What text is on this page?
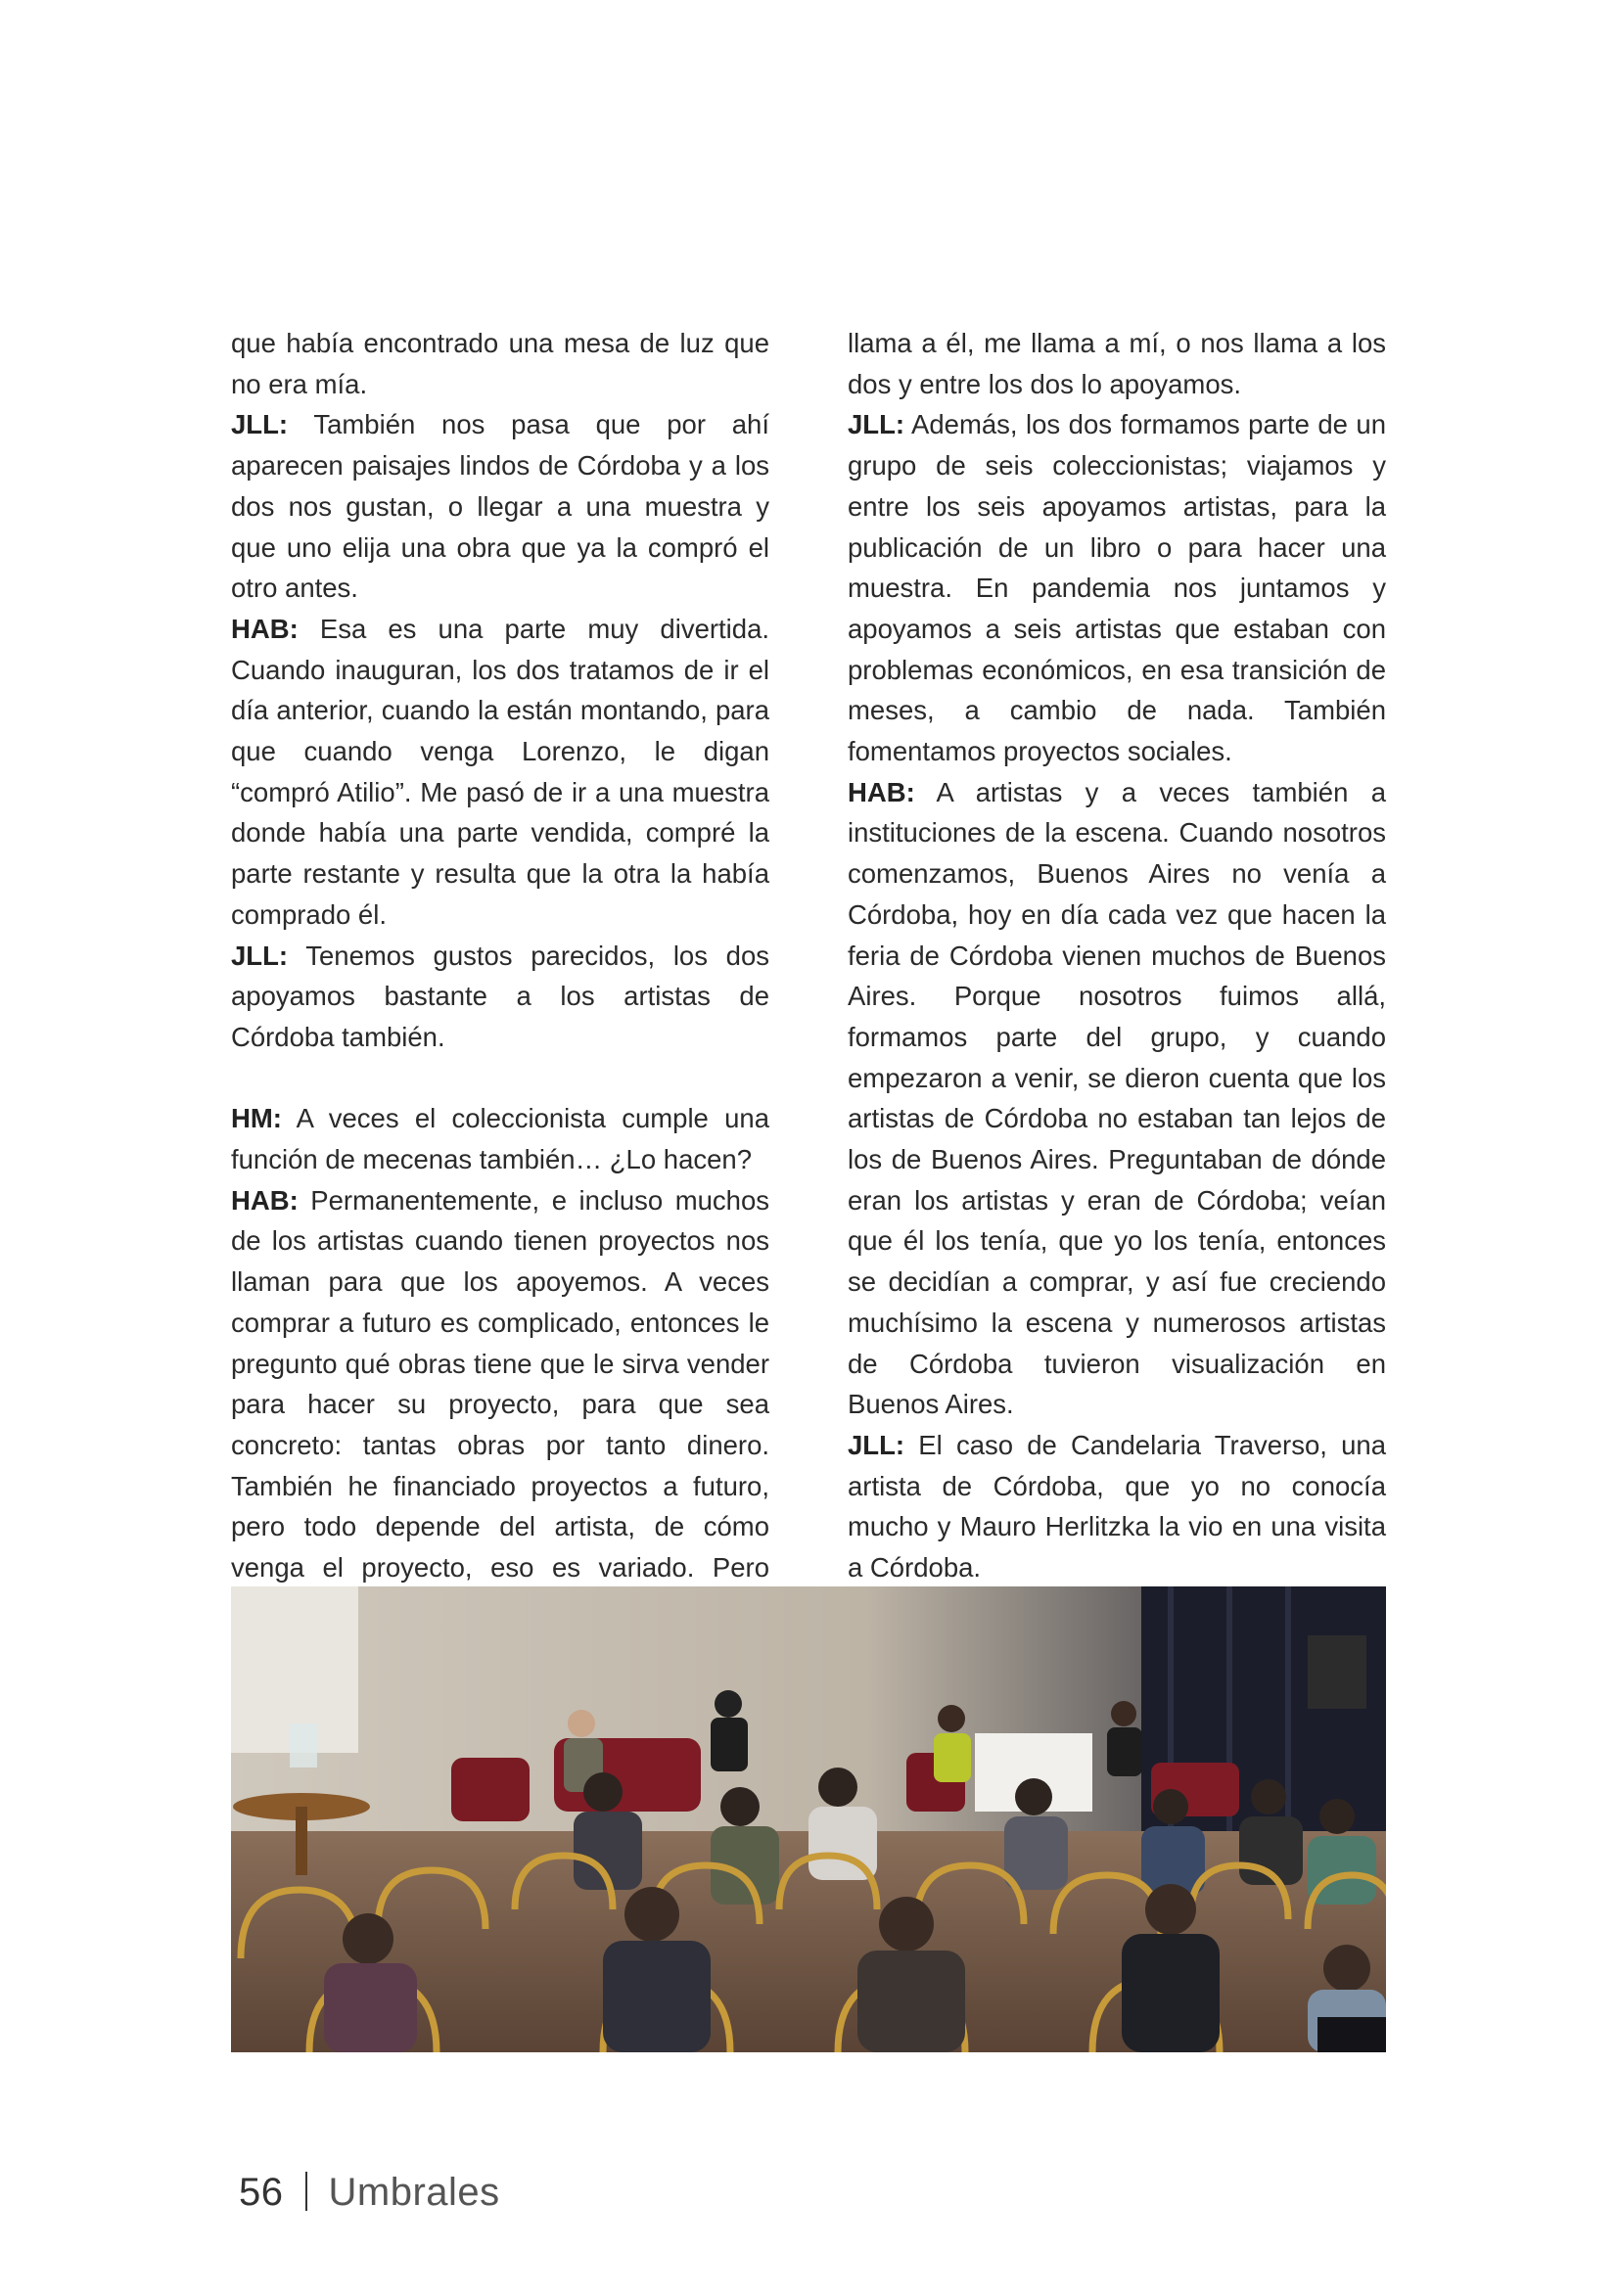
que había encontrado una mesa de luz que no era mía.

JLL: También nos pasa que por ahí aparecen paisajes lindos de Córdoba y a los dos nos gustan, o llegar a una muestra y que uno elija una obra que ya la compró el otro antes.

HAB: Esa es una parte muy divertida. Cuando inauguran, los dos tratamos de ir el día anterior, cuando la están montando, para que cuando venga Lorenzo, le digan “compró Atilio”. Me pasó de ir a una muestra donde había una parte vendida, compré la parte restante y resulta que la otra la había comprado él.

JLL: Tenemos gustos parecidos, los dos apoyamos bastante a los artistas de Córdoba también.

HM: A veces el coleccionista cumple una función de mecenas también… ¿Lo hacen?

HAB: Permanentemente, e incluso muchos de los artistas cuando tienen proyectos nos llaman para que los apoyemos. A veces comprar a futuro es complicado, entonces le pregunto qué obras tiene que le sirva vender para hacer su proyecto, para que sea concreto: tantas obras por tanto dinero. También he financiado proyectos a futuro, pero todo depende del artista, de cómo venga el proyecto, eso es variado. Pero

llama a él, me llama a mí, o nos llama a los dos y entre los dos lo apoyamos.

JLL: Además, los dos formamos parte de un grupo de seis coleccionistas; viajamos y entre los seis apoyamos artistas, para la publicación de un libro o para hacer una muestra. En pandemia nos juntamos y apoyamos a seis artistas que estaban con problemas económicos, en esa transición de meses, a cambio de nada. También fomentamos proyectos sociales.

HAB: A artistas y a veces también a instituciones de la escena. Cuando nosotros comenzamos, Buenos Aires no venía a Córdoba, hoy en día cada vez que hacen la feria de Córdoba vienen muchos de Buenos Aires. Porque nosotros fuimos allá, formamos parte del grupo, y cuando empezaron a venir, se dieron cuenta que los artistas de Córdoba no estaban tan lejos de los de Buenos Aires. Preguntaban de dónde eran los artistas y eran de Córdoba; veían que él los tenía, que yo los tenía, entonces se decidían a comprar, y así fue creciendo muchísimo la escena y numerosos artistas de Córdoba tuvieron visualización en Buenos Aires.

JLL: El caso de Candelaria Traverso, una artista de Córdoba, que yo no conocía mucho y Mauro Herlitzka la vio en una visita a Córdoba.

56 Umbrales
